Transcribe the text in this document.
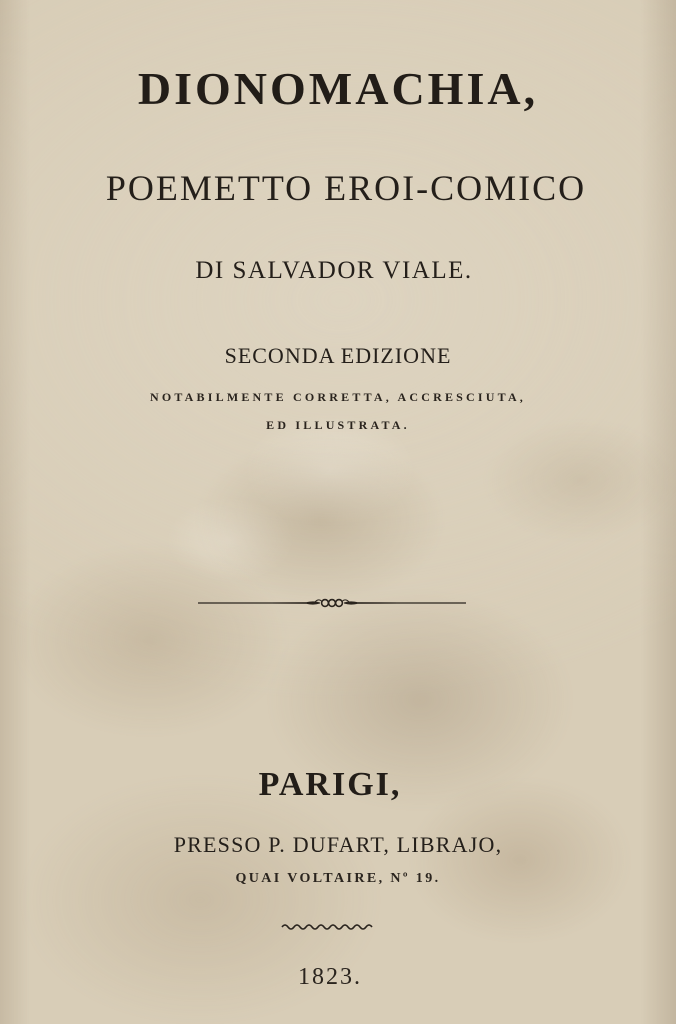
DIONOMACHIA,
POEMETTO EROI-COMICO
DI SALVADOR VIALE.
SECONDA EDIZIONE
NOTABILMENTE CORRETTA, ACCRESCIUTA,
ED ILLUSTRATA.
PARIGI,
PRESSO P. DUFART, LIBRAJO,
QUAI VOLTAIRE, Nº 19.
1823.
